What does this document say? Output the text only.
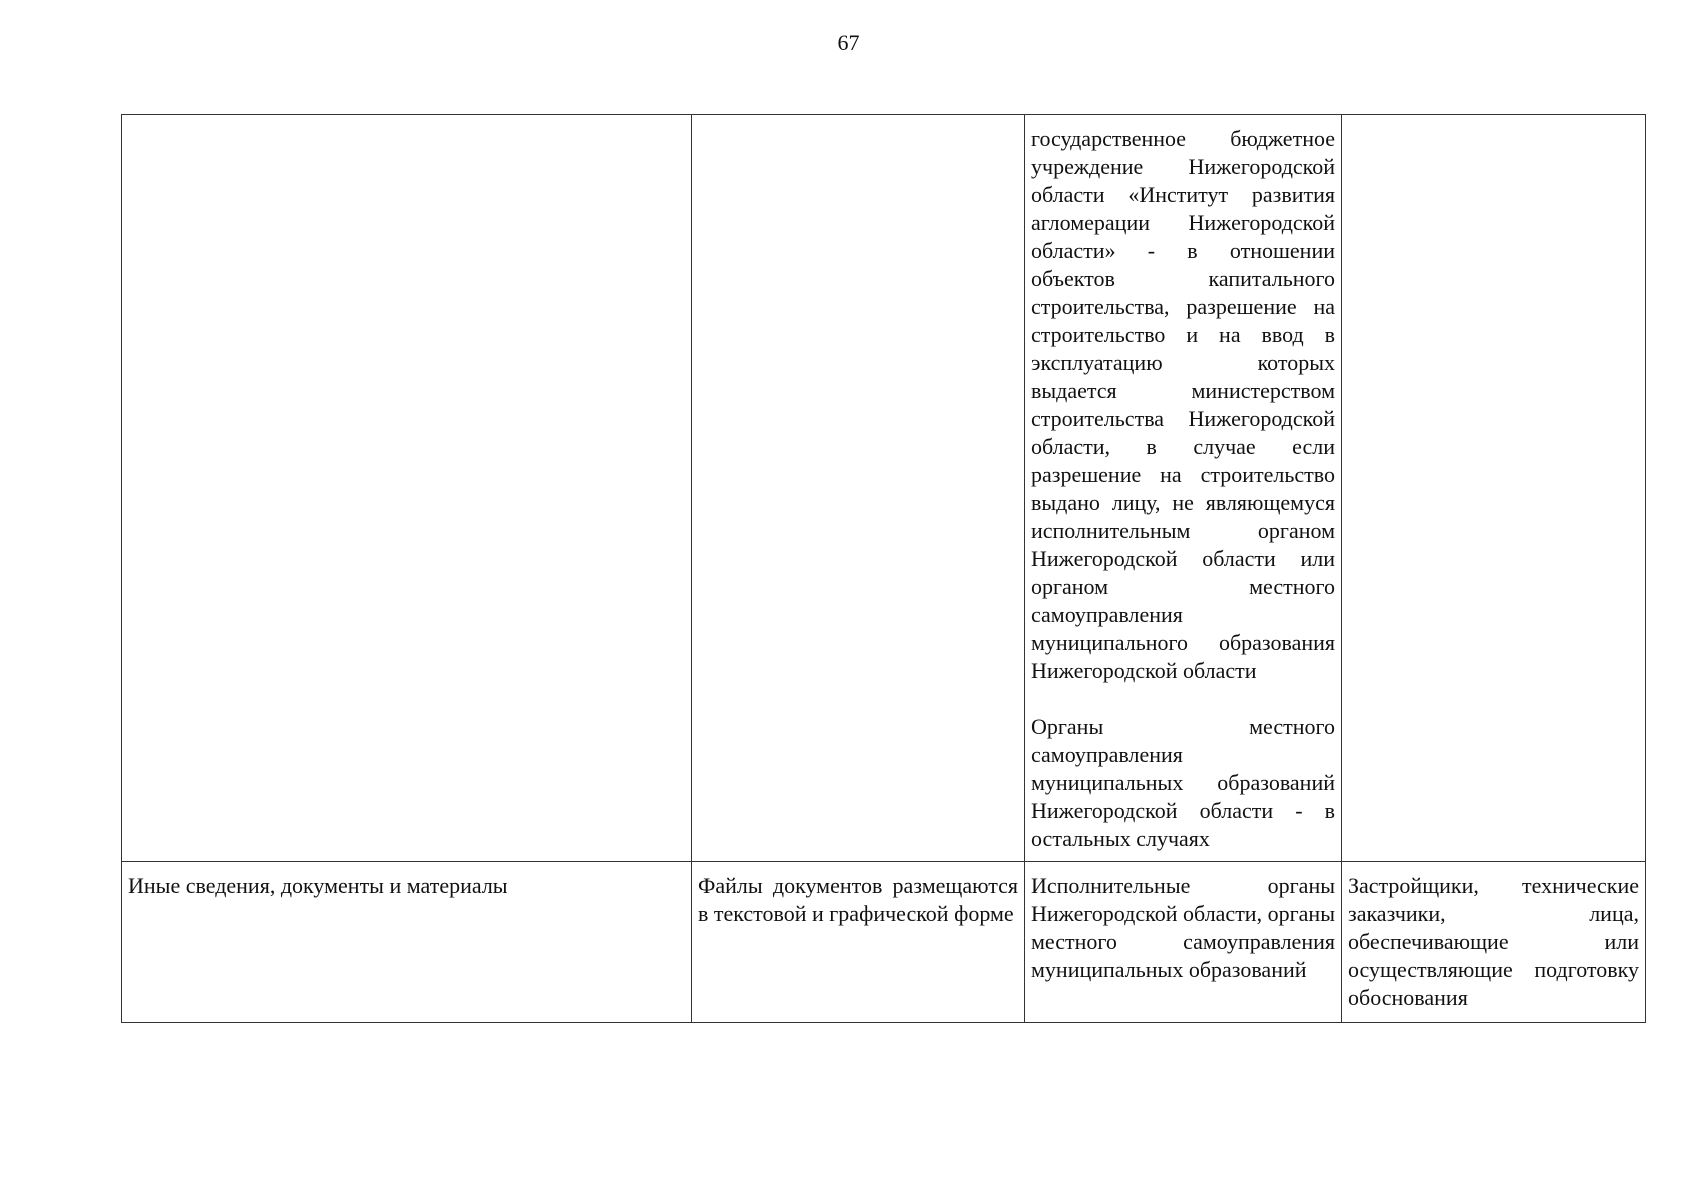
67

		государственное бюджетное учреждение Нижегородской области «Институт развития агломерации Нижегородской области» - в отношении объектов капитального строительства, разрешение на строительство и на ввод в эксплуатацию которых выдается министерством строительства Нижегородской области, в случае если разрешение на строительство выдано лицу, не являющемуся исполнительным органом Нижегородской области или органом местного самоуправления муниципального образования Нижегородской области
Органы местного самоуправления муниципальных образований Нижегородской области - в остальных случаях	

Иные сведения, документы и материалы	Файлы документов размещаются в текстовой и графической форме	Исполнительные органы Нижегородской области, органы местного самоуправления муниципальных образований	Застройщики, технические заказчики, лица, обеспечивающие или осуществляющие подготовку обоснования
